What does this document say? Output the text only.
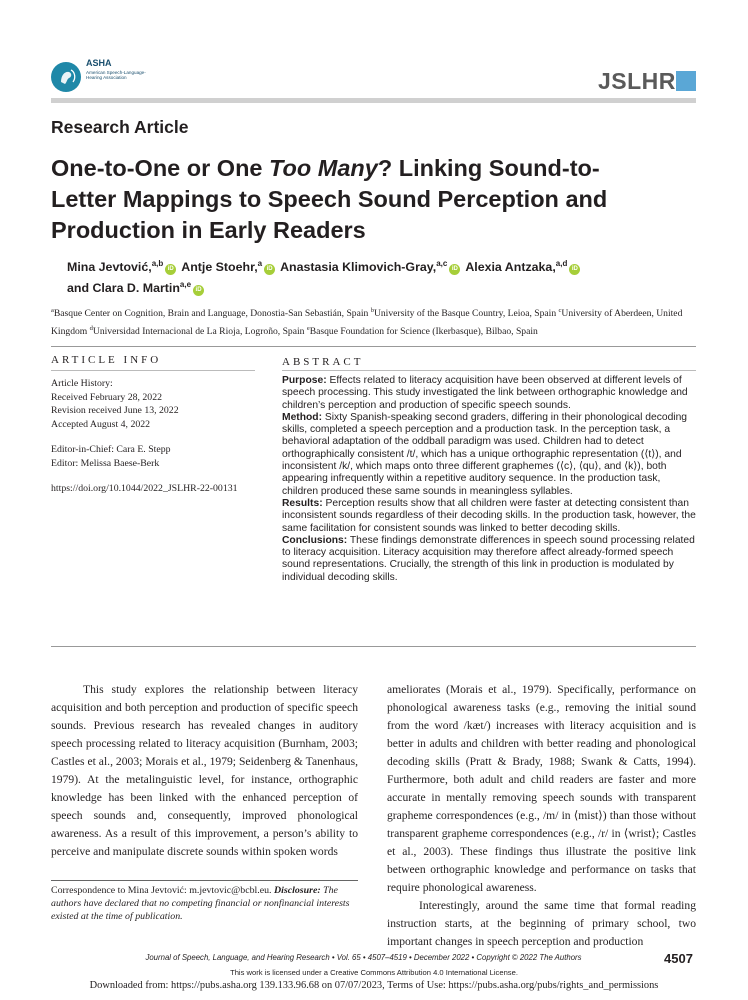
ASHA
American Speech-Language-Hearing Association	JSLHR
Research Article
One-to-One or One Too Many? Linking Sound-to-Letter Mappings to Speech Sound Perception and Production in Early Readers
Mina Jevtović,$^{a,b}$iD Antje Stoehr,$^a$iD Anastasia Klimovich-Gray,$^{a,c}$iD Alexia Antzaka,$^{a,d}$iD
and Clara D. Martin$^{a,e}$iD
$^a$Basque Center on Cognition, Brain and Language, Donostia-San Sebastián, Spain $^b$University of the Basque Country, Leioa, Spain $^c$University of Aberdeen, United Kingdom $^d$Universidad Internacional de La Rioja, Logroño, Spain $^e$Basque Foundation for Science (Ikerbasque), Bilbao, Spain
ARTICLE INFO
Article History:
Received February 28, 2022
Revision received June 13, 2022
Accepted August 4, 2022
Editor-in-Chief: Cara E. Stepp
Editor: Melissa Baese-Berk
https://doi.org/10.1044/2022_JSLHR-22-00131
ABSTRACT
Purpose: Effects related to literacy acquisition have been observed at different levels of speech processing. This study investigated the link between orthographic knowledge and children’s perception and production of specific speech sounds.
Method: Sixty Spanish-speaking second graders, differing in their phonological decoding skills, completed a speech perception and a production task. In the perception task, a behavioral adaptation of the oddball paradigm was used. Children had to detect orthographically consistent /t/, which has a unique orthographic representation (⟨t⟩), and inconsistent /k/, which maps onto three different graphemes (⟨c⟩, ⟨qu⟩, and ⟨k⟩), both appearing infrequently within a repetitive auditory sequence. In the production task, children produced these same sounds in meaningless syllables.
Results: Perception results show that all children were faster at detecting consistent than inconsistent sounds regardless of their decoding skills. In the production task, however, the same facilitation for consistent sounds was linked to better decoding skills.
Conclusions: These findings demonstrate differences in speech sound processing related to literacy acquisition. Literacy acquisition may therefore affect already-formed speech sound representations. Crucially, the strength of this link in production is modulated by individual decoding skills.
This study explores the relationship between literacy acquisition and both perception and production of specific speech sounds. Previous research has revealed changes in auditory speech processing related to literacy acquisition (Burnham, 2003; Castles et al., 2003; Morais et al., 1979; Seidenberg & Tanenhaus, 1979). At the metalinguistic level, for instance, orthographic knowledge has been linked with the enhanced perception of speech sounds and, consequently, improved phonological awareness. As a result of this improvement, a person’s ability to perceive and manipulate discrete sounds within spoken words
ameliorates (Morais et al., 1979). Specifically, performance on phonological awareness tasks (e.g., removing the initial sound from the word /kæt/) increases with literacy acquisition and is better in adults and children with better reading and phonological decoding skills (Pratt & Brady, 1988; Swank & Catts, 1994). Furthermore, both adult and child readers are faster and more accurate in mentally removing speech sounds with transparent grapheme correspondences (e.g., /m/ in ⟨mist⟩) than those without transparent grapheme correspondences (e.g., /r/ in ⟨wrist⟩; Castles et al., 2003). These findings thus illustrate the positive link between orthographic knowledge and performance on tasks that require phonological awareness.
Interestingly, around the same time that formal reading instruction starts, at the beginning of primary school, two important changes in speech perception and production
Correspondence to Mina Jevtović: m.jevtovic@bcbl.eu. Disclosure: The authors have declared that no competing financial or nonfinancial interests existed at the time of publication.
Journal of Speech, Language, and Hearing Research • Vol. 65 • 4507–4519 • December 2022 • Copyright © 2022 The Authors	4507
This work is licensed under a Creative Commons Attribution 4.0 International License.
Downloaded from: https://pubs.asha.org 139.133.96.68 on 07/07/2023, Terms of Use: https://pubs.asha.org/pubs/rights_and_permissions
